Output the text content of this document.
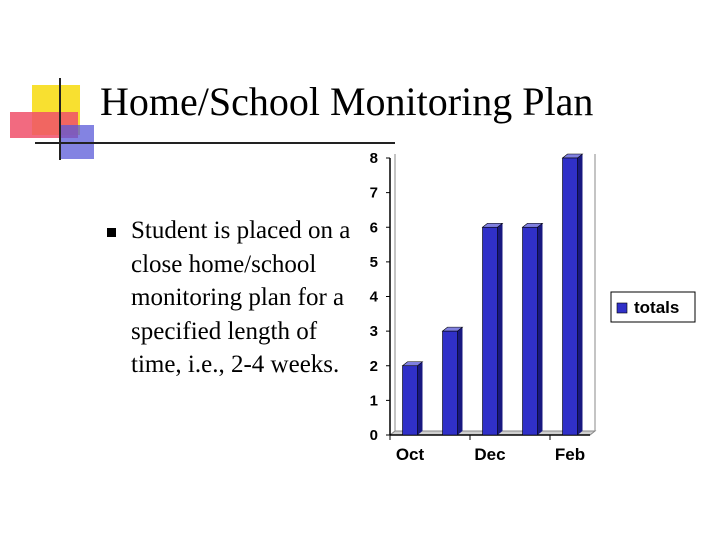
Home/School Monitoring Plan
Student is placed on a close home/school monitoring plan for a specified length of time, i.e., 2-4 weeks.
0
1
2
3
4
5
6
7
8
Oct	Dec	Feb
totals
